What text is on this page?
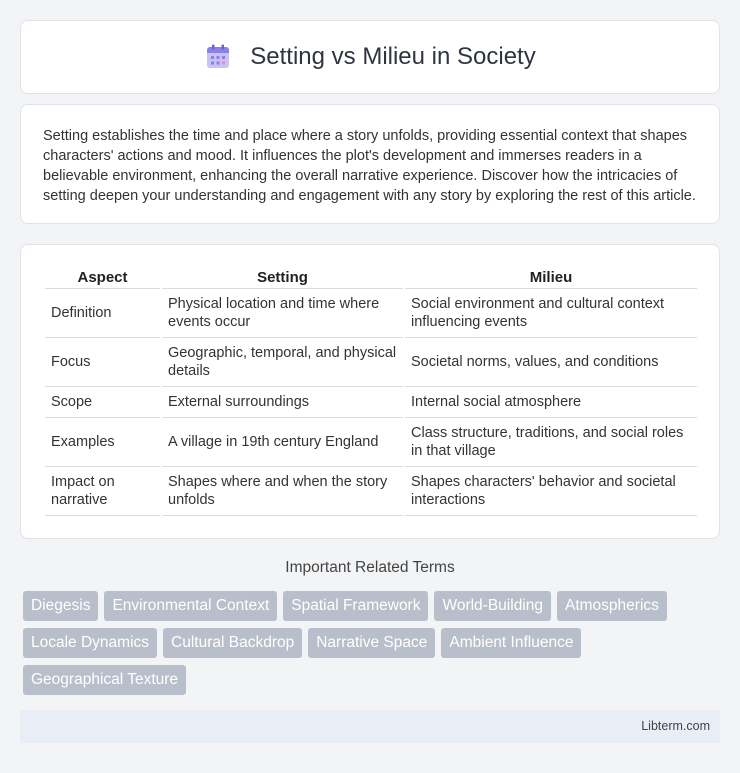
Setting vs Milieu in Society

Setting establishes the time and place where a story unfolds, providing essential context that shapes characters' actions and mood. It influences the plot's development and immerses readers in a believable environment, enhancing the overall narrative experience. Discover how the intricacies of setting deepen your understanding and engagement with any story by exploring the rest of this article.

Aspect	Setting	Milieu
Definition	Physical location and time where events occur	Social environment and cultural context influencing events
Focus	Geographic, temporal, and physical details	Societal norms, values, and conditions
Scope	External surroundings	Internal social atmosphere
Examples	A village in 19th century England	Class structure, traditions, and social roles in that village
Impact on narrative	Shapes where and when the story unfolds	Shapes characters' behavior and societal interactions
Important Related Terms
Diegesis	Environmental Context	Spatial Framework	World-Building	Atmospherics
Locale Dynamics	Cultural Backdrop	Narrative Space	Ambient Influence
Geographical Texture
Libterm.com
